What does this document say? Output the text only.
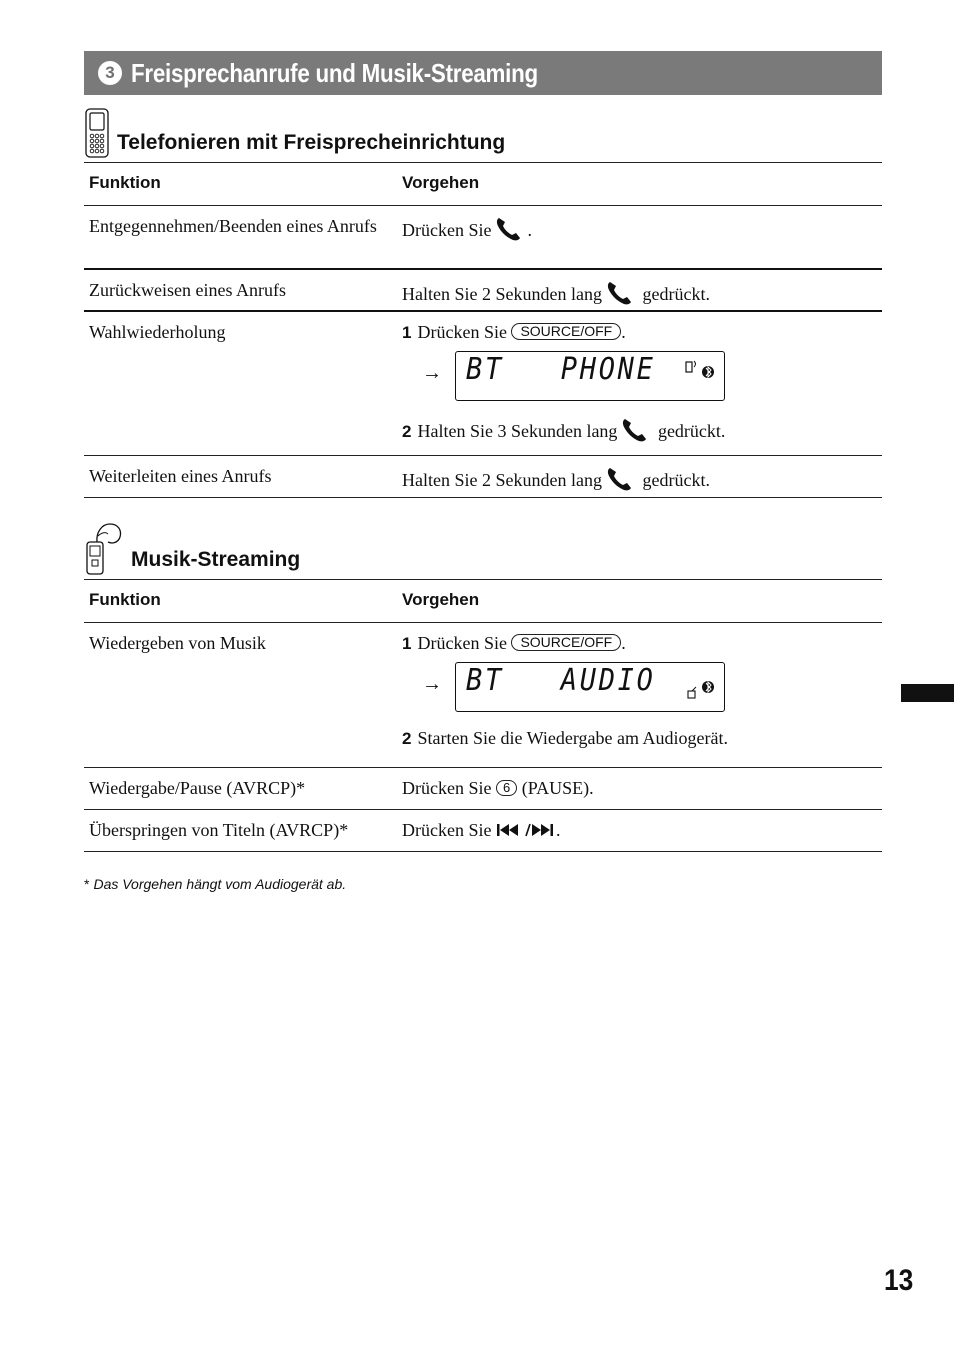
3 Freisprechanrufe und Musik-Streaming
Telefonieren mit Freisprecheinrichtung
Funktion	Vorgehen

Entgegennehmen/Beenden eines Anrufs	Drücken Sie .

Zurückweisen eines Anrufs	Halten Sie 2 Sekunden lang gedrückt.

Wahlwiederholung	1 Drücken Sie SOURCE/OFF .
→ BT   PHONE
2 Halten Sie 3 Sekunden lang gedrückt.

Weiterleiten eines Anrufs	Halten Sie 2 Sekunden lang gedrückt.
Musik-Streaming
Funktion	Vorgehen

Wiedergeben von Musik	1 Drücken Sie SOURCE/OFF .
→ BT   AUDIO
2 Starten Sie die Wiedergabe am Audiogerät.

Wiedergabe/Pause (AVRCP)*	Drücken Sie 6 (PAUSE).

Überspringen von Titeln (AVRCP)*	Drücken Sie .
* Das Vorgehen hängt vom Audiogerät ab.
13
